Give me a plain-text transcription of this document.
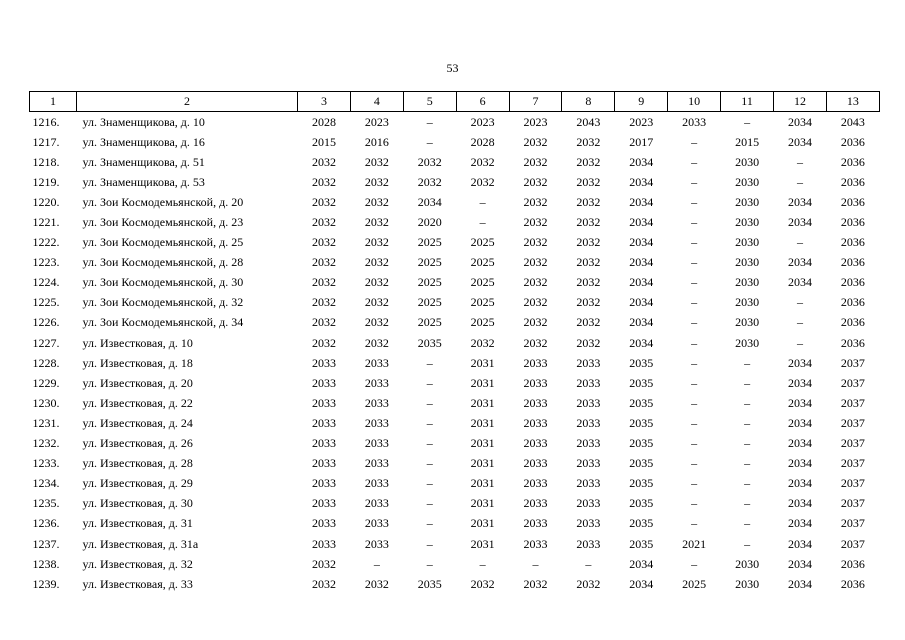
53
1	2	3	4	5	6	7	8	9	10	11	12	13
1216.	ул. Знаменщикова, д. 10	2028	2023	–	2023	2023	2043	2023	2033	–	2034	2043
1217.	ул. Знаменщикова, д. 16	2015	2016	–	2028	2032	2032	2017	–	2015	2034	2036
1218.	ул. Знаменщикова, д. 51	2032	2032	2032	2032	2032	2032	2034	–	2030	–	2036
1219.	ул. Знаменщикова, д. 53	2032	2032	2032	2032	2032	2032	2034	–	2030	–	2036
1220.	ул. Зои Космодемьянской, д. 20	2032	2032	2034	–	2032	2032	2034	–	2030	2034	2036
1221.	ул. Зои Космодемьянской, д. 23	2032	2032	2020	–	2032	2032	2034	–	2030	2034	2036
1222.	ул. Зои Космодемьянской, д. 25	2032	2032	2025	2025	2032	2032	2034	–	2030	–	2036
1223.	ул. Зои Космодемьянской, д. 28	2032	2032	2025	2025	2032	2032	2034	–	2030	2034	2036
1224.	ул. Зои Космодемьянской, д. 30	2032	2032	2025	2025	2032	2032	2034	–	2030	2034	2036
1225.	ул. Зои Космодемьянской, д. 32	2032	2032	2025	2025	2032	2032	2034	–	2030	–	2036
1226.	ул. Зои Космодемьянской, д. 34	2032	2032	2025	2025	2032	2032	2034	–	2030	–	2036
1227.	ул. Известковая, д. 10	2032	2032	2035	2032	2032	2032	2034	–	2030	–	2036
1228.	ул. Известковая, д. 18	2033	2033	–	2031	2033	2033	2035	–	–	2034	2037
1229.	ул. Известковая, д. 20	2033	2033	–	2031	2033	2033	2035	–	–	2034	2037
1230.	ул. Известковая, д. 22	2033	2033	–	2031	2033	2033	2035	–	–	2034	2037
1231.	ул. Известковая, д. 24	2033	2033	–	2031	2033	2033	2035	–	–	2034	2037
1232.	ул. Известковая, д. 26	2033	2033	–	2031	2033	2033	2035	–	–	2034	2037
1233.	ул. Известковая, д. 28	2033	2033	–	2031	2033	2033	2035	–	–	2034	2037
1234.	ул. Известковая, д. 29	2033	2033	–	2031	2033	2033	2035	–	–	2034	2037
1235.	ул. Известковая, д. 30	2033	2033	–	2031	2033	2033	2035	–	–	2034	2037
1236.	ул. Известковая, д. 31	2033	2033	–	2031	2033	2033	2035	–	–	2034	2037
1237.	ул. Известковая, д. 31а	2033	2033	–	2031	2033	2033	2035	2021	–	2034	2037
1238.	ул. Известковая, д. 32	2032	–	–	–	–	–	2034	–	2030	2034	2036
1239.	ул. Известковая, д. 33	2032	2032	2035	2032	2032	2032	2034	2025	2030	2034	2036
